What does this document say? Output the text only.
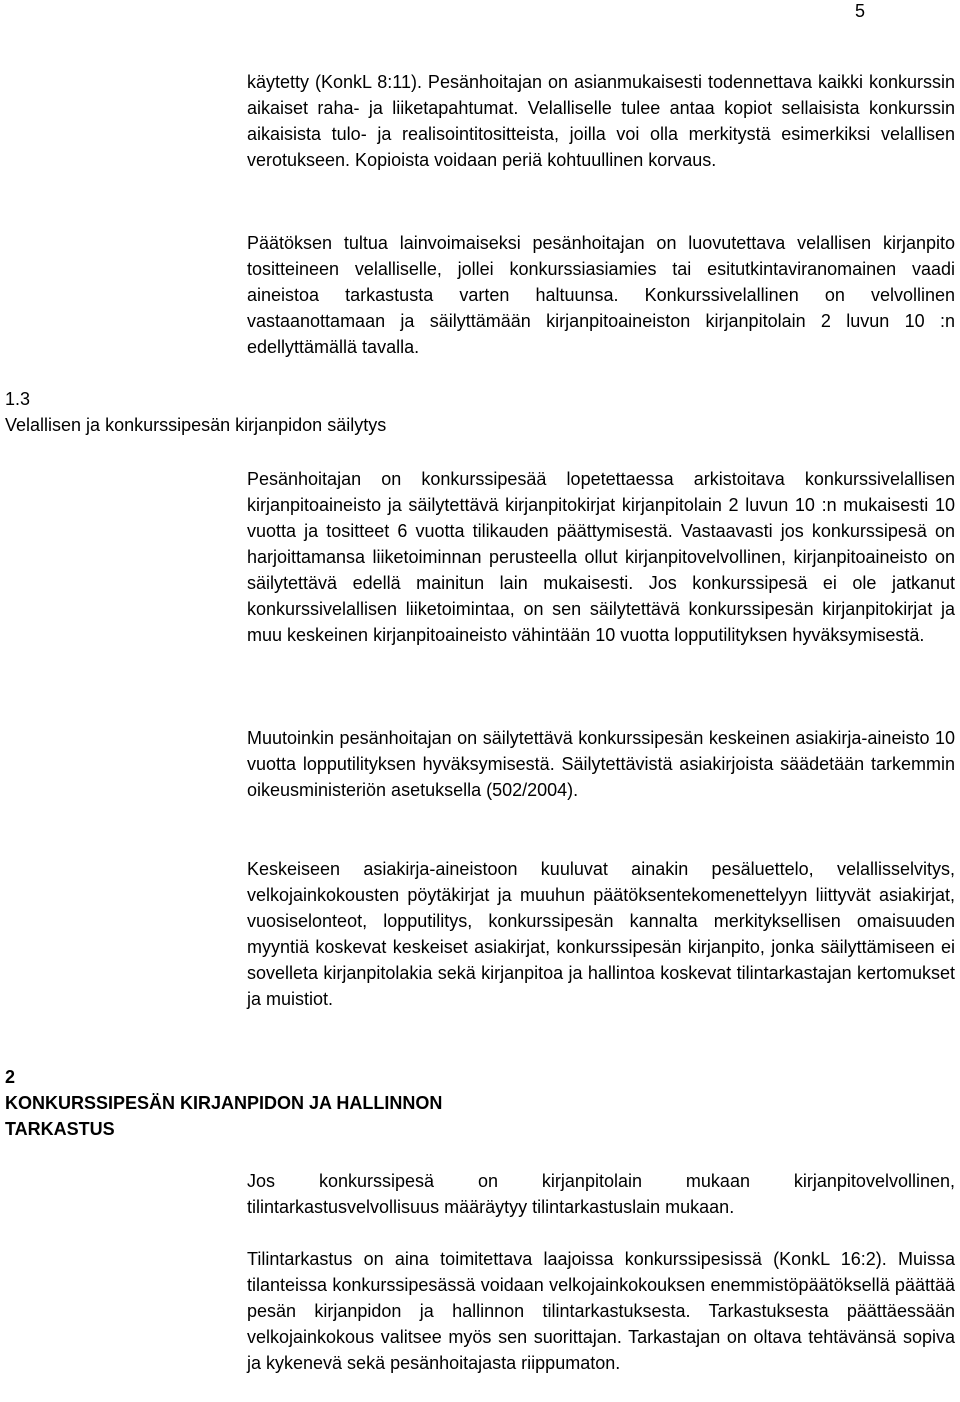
5

käytetty (KonkL 8:11). Pesänhoitajan on asianmukaisesti todennettava kaikki konkurssin aikaiset raha- ja liiketapahtumat. Velalliselle tulee antaa kopiot sellaisista konkurssin aikaisista tulo- ja realisointitositteista, joilla voi olla merkitystä esimerkiksi velallisen verotukseen. Kopioista voidaan periä kohtuullinen korvaus.

Päätöksen tultua lainvoimaiseksi pesänhoitajan on luovutettava velallisen kirjanpito tositteineen velalliselle, jollei konkurssiasiamies tai esitutkintaviranomainen vaadi aineistoa tarkastusta varten haltuunsa. Konkurssivelallinen on velvollinen vastaanottamaan ja säilyttämään kirjanpitoaineiston kirjanpitolain 2 luvun 10 :n edellyttämällä tavalla.

1.3
Velallisen ja konkurssipesän kirjanpidon säilytys

Pesänhoitajan on konkurssipesää lopetettaessa arkistoitava konkurssivelallisen kirjanpitoaineisto ja säilytettävä kirjanpitokirjat kirjanpitolain 2 luvun 10 :n mukaisesti 10 vuotta ja tositteet 6 vuotta tilikauden päättymisestä. Vastaavasti jos konkurssipesä on harjoittamansa liiketoiminnan perusteella ollut kirjanpitovelvollinen, kirjanpitoaineisto on säilytettävä edellä mainitun lain mukaisesti. Jos konkurssipesä ei ole jatkanut konkurssivelallisen liiketoimintaa, on sen säilytettävä konkurssipesän kirjanpitokirjat ja muu keskeinen kirjanpitoaineisto vähintään 10 vuotta lopputilityksen hyväksymisestä.

Muutoinkin pesänhoitajan on säilytettävä konkurssipesän keskeinen asiakirja-aineisto 10 vuotta lopputilityksen hyväksymisestä. Säilytettävistä asiakirjoista säädetään tarkemmin oikeusministeriön asetuksella (502/2004).

Keskeiseen asiakirja-aineistoon kuuluvat ainakin pesäluettelo, velallisselvitys, velkojainkokousten pöytäkirjat ja muuhun päätöksentekomenettelyyn liittyvät asiakirjat, vuosiselonteot, lopputilitys, konkurssipesän kannalta merkityksellisen omaisuuden myyntiä koskevat keskeiset asiakirjat, konkurssipesän kirjanpito, jonka säilyttämiseen ei sovelleta kirjanpitolakia sekä kirjanpitoa ja hallintoa koskevat tilintarkastajan kertomukset ja muistiot.

2
KONKURSSIPESÄN KIRJANPIDON JA HALLINNON
TARKASTUS

Jos konkurssipesä on kirjanpitolain mukaan kirjanpitovelvollinen, tilintarkastusvelvollisuus määräytyy tilintarkastuslain mukaan.

Tilintarkastus on aina toimitettava laajoissa konkurssipesissä (KonkL 16:2). Muissa tilanteissa konkurssipesässä voidaan velkojainkokouksen enemmistöpäätöksellä päättää pesän kirjanpidon ja hallinnon tilintarkastuksesta. Tarkastuksesta päättäessään velkojainkokous valitsee myös sen suorittajan. Tarkastajan on oltava tehtävänsä sopiva ja kykenevä sekä pesänhoitajasta riippumaton.
